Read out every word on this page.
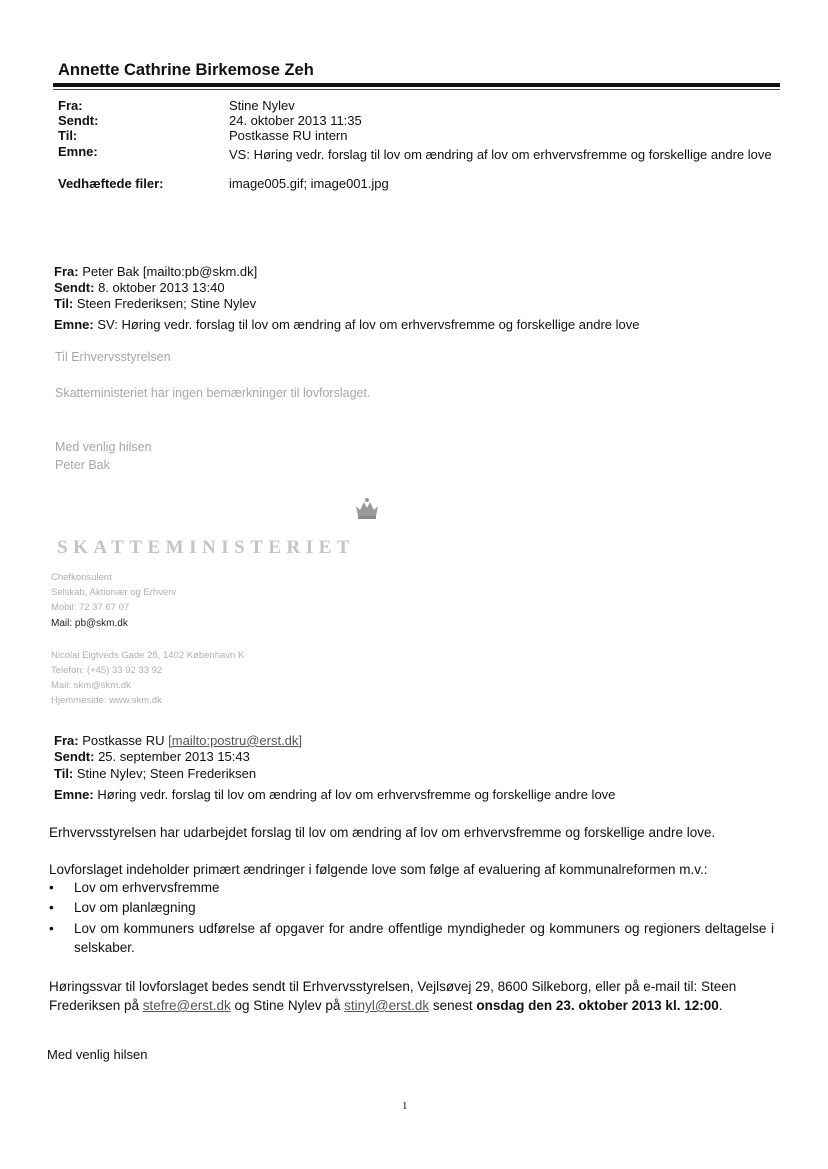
Annette Cathrine Birkemose Zeh
Fra:	Stine Nylev
Sendt:	24. oktober 2013 11:35
Til:	Postkasse RU intern
Emne:	VS: Høring vedr. forslag til lov om ændring af lov om erhvervsfremme og forskellige andre love
Vedhæftede filer:	image005.gif; image001.jpg
Fra: Peter Bak [mailto:pb@skm.dk]
Sendt: 8. oktober 2013 13:40
Til: Steen Frederiksen; Stine Nylev
Emne: SV: Høring vedr. forslag til lov om ændring af lov om erhvervsfremme og forskellige andre love
Til Erhvervsstyrelsen
Skatteministeriet har ingen bemærkninger til lovforslaget.
Med venlig hilsen
Peter Bak
SKATTEMINISTERIET
Chefkonsulent
Selskab, Aktionær og Erhverv
Mobil: 72 37 67 07
Mail: pb@skm.dk
Nicolai Eigtveds Gade 28, 1402 København K
Telefon: (+45) 33 92 33 92
Mail: skm@skm.dk
Hjemmeside: www.skm.dk
Fra: Postkasse RU [mailto:postru@erst.dk]
Sendt: 25. september 2013 15:43
Til: Stine Nylev; Steen Frederiksen
Emne: Høring vedr. forslag til lov om ændring af lov om erhvervsfremme og forskellige andre love
Erhvervsstyrelsen har udarbejdet forslag til lov om ændring af lov om erhvervsfremme og forskellige andre love.
Lovforslaget indeholder primært ændringer i følgende love som følge af evaluering af kommunalreformen m.v.:
• Lov om erhvervsfremme
• Lov om planlægning
• Lov om kommuners udførelse af opgaver for andre offentlige myndigheder og kommuners og regioners deltagelse i selskaber.
Høringssvar til lovforslaget bedes sendt til Erhvervsstyrelsen, Vejlsøvej 29, 8600 Silkeborg, eller på e-mail til: Steen Frederiksen på stefre@erst.dk og Stine Nylev på stinyl@erst.dk senest onsdag den 23. oktober 2013 kl. 12:00.
Med venlig hilsen
1
